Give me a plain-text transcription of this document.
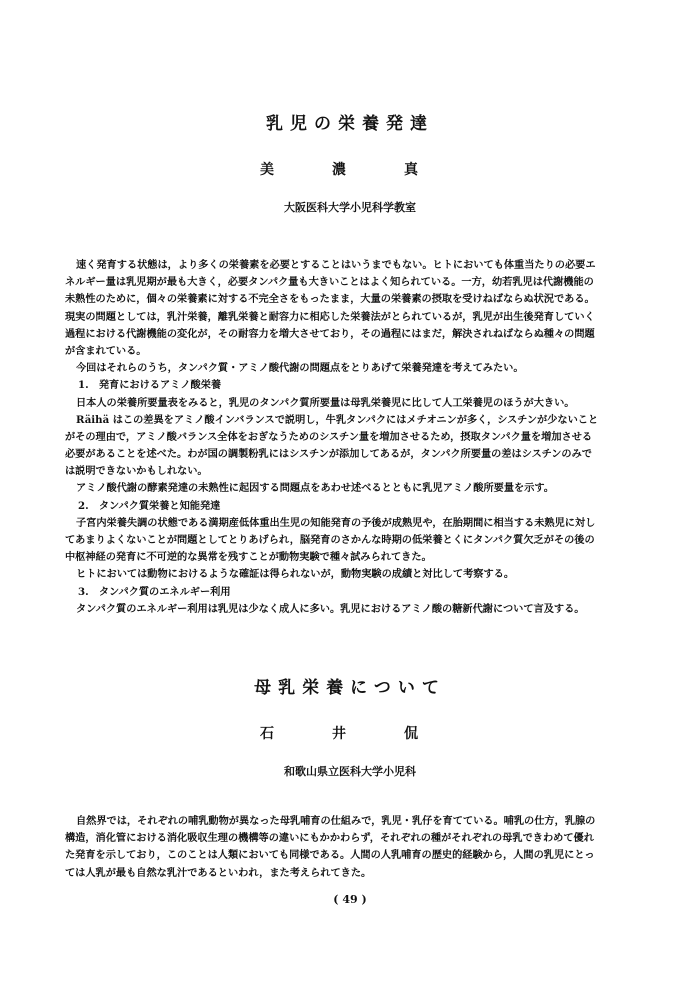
乳児の栄養発達
美　濃　真
大阪医科大学小児科学教室
速く発育する状態は，より多くの栄養素を必要とすることはいうまでもない。ヒトにおいても体重当たりの必要エ
ネルギー量は乳児期が最も大きく，必要タンパク量も大きいことはよく知られている。一方，幼若乳児は代謝機能の
未熟性のために，個々の栄養素に対する不完全さをもったまま，大量の栄養素の摂取を受けねばならぬ状況である。
現実の問題としては，乳汁栄養，離乳栄養と耐容力に相応した栄養法がとられているが，乳児が出生後発育していく
過程における代謝機能の変化が，その耐容力を増大させており，その過程にはまだ，解決されねばならぬ種々の問題
が含まれている。
今回はそれらのうち，タンパク質・アミノ酸代謝の問題点をとりあげて栄養発達を考えてみたい。
1.　発育におけるアミノ酸栄養
日本人の栄養所要量表をみると，乳児のタンパク質所要量は母乳栄養児に比して人工栄養児のほうが大きい。
Räihä はこの差異をアミノ酸インバランスで説明し，牛乳タンパクにはメチオニンが多く，シスチンが少ないこと
がその理由で，アミノ酸バランス全体をおぎなうためのシスチン量を増加させるため，摂取タンパク量を増加させる
必要があることを述べた。わが国の調製粉乳にはシスチンが添加してあるが，タンパク所要量の差はシスチンのみで
は説明できないかもしれない。
アミノ酸代謝の酵素発達の未熟性に起因する問題点をあわせ述べるとともに乳児アミノ酸所要量を示す。
2.　タンパク質栄養と知能発達
子宮内栄養失調の状態である満期産低体重出生児の知能発育の予後が成熟児や，在胎期間に相当する未熟児に対し
てあまりよくないことが問題としてとりあげられ，脳発育のさかんな時期の低栄養とくにタンパク質欠乏がその後の
中枢神経の発育に不可逆的な異常を残すことが動物実験で種々試みられてきた。
ヒトにおいては動物におけるような確証は得られないが，動物実験の成績と対比して考察する。
3.　タンパク質のエネルギー利用
タンパク質のエネルギー利用は乳児は少なく成人に多い。乳児におけるアミノ酸の糖新代謝について言及する。
母乳栄養について
石　井　侃
和歌山県立医科大学小児科
自然界では，それぞれの哺乳動物が異なった母乳哺育の仕組みで，乳児・乳仔を育てている。哺乳の仕方，乳腺の
構造，消化管における消化吸収生理の機構等の違いにもかかわらず，それぞれの種がそれぞれの母乳できわめて優れ
た発育を示しており，このことは人類においても同様である。人間の人乳哺育の歴史的経験から，人間の乳児にとっ
ては人乳が最も自然な乳汁であるといわれ，また考えられてきた。
( 49 )
